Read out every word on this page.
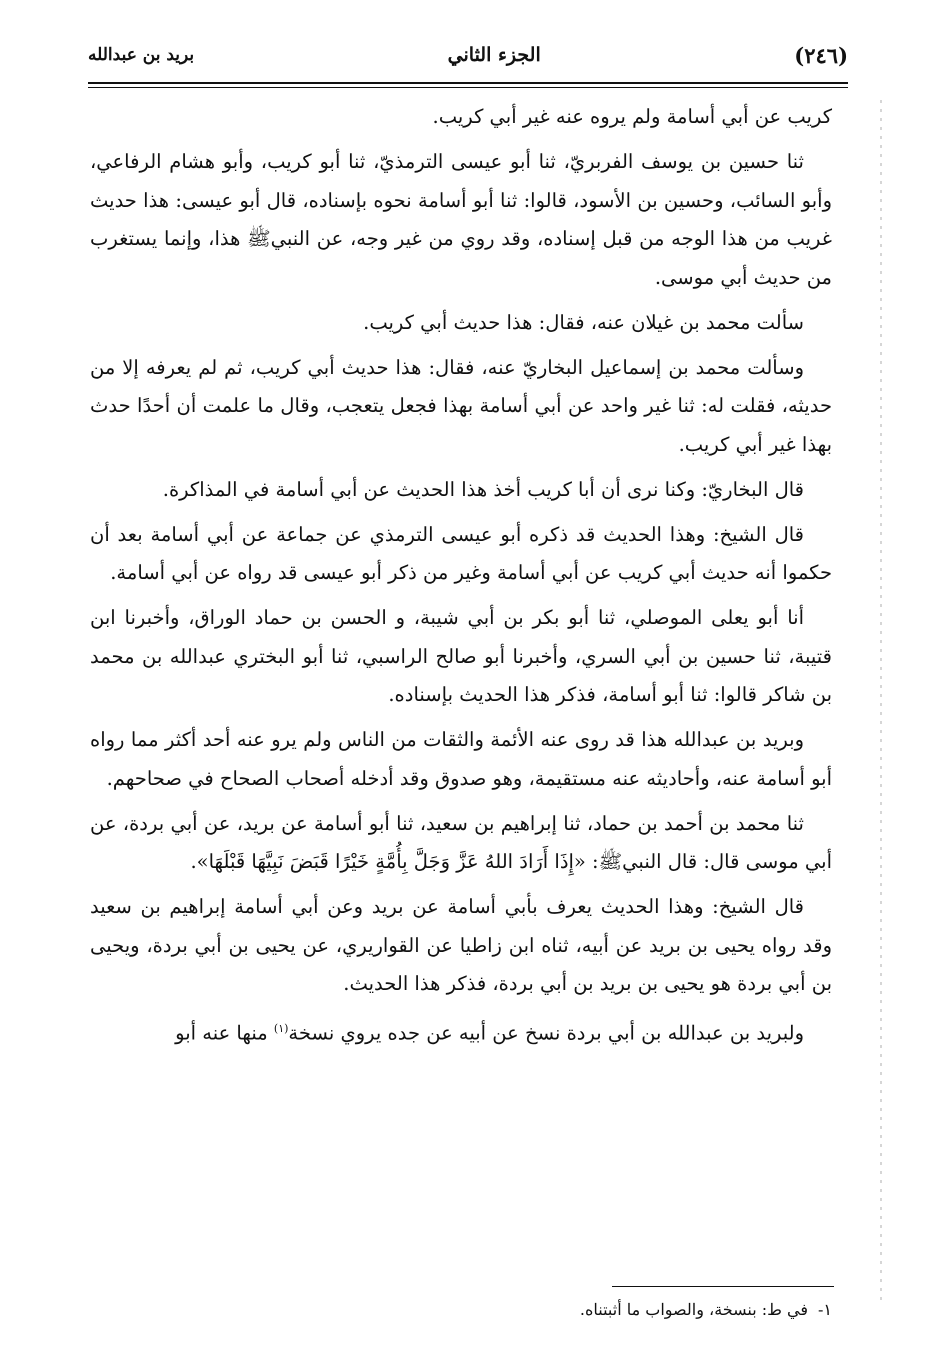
(٢٤٦)
الجزء الثاني
بريد بن عبدالله

كريب عن أبي أسامة ولم يروه عنه غير أبي كريب.

ثنا حسين بن يوسف الفربريّ، ثنا أبو عيسى الترمذيّ، ثنا أبو كريب، وأبو هشام الرفاعي، وأبو السائب، وحسين بن الأسود، قالوا: ثنا أبو أسامة نحوه بإسناده، قال أبو عيسى: هذا حديث غريب من هذا الوجه من قبل إسناده، وقد روي من غير وجه، عن النبيﷺ هذا، وإنما يستغرب من حديث أبي موسى.

سألت محمد بن غيلان عنه، فقال: هذا حديث أبي كريب.

وسألت محمد بن إسماعيل البخاريّ عنه، فقال: هذا حديث أبي كريب، ثم لم يعرفه إلا من حديثه، فقلت له: ثنا غير واحد عن أبي أسامة بهذا فجعل يتعجب، وقال ما علمت أن أحدًا حدث بهذا غير أبي كريب.

قال البخاريّ: وكنا نرى أن أبا كريب أخذ هذا الحديث عن أبي أسامة في المذاكرة.

قال الشيخ: وهذا الحديث قد ذكره أبو عيسى الترمذي عن جماعة عن أبي أسامة بعد أن حكموا أنه حديث أبي كريب عن أبي أسامة وغير من ذكر أبو عيسى قد رواه عن أبي أسامة.

أنا أبو يعلى الموصلي، ثنا أبو بكر بن أبي شيبة، و الحسن بن حماد الوراق، وأخبرنا ابن قتيبة، ثنا حسين بن أبي السري، وأخبرنا أبو صالح الراسبي، ثنا أبو البختري عبدالله بن محمد بن شاكر قالوا: ثنا أبو أسامة، فذكر هذا الحديث بإسناده.

وبريد بن عبدالله هذا قد روى عنه الأئمة والثقات من الناس ولم يرو عنه أحد أكثر مما رواه أبو أسامة عنه، وأحاديثه عنه مستقيمة، وهو صدوق وقد أدخله أصحاب الصحاح في صحاحهم.

ثنا محمد بن أحمد بن حماد، ثنا إبراهيم بن سعيد، ثنا أبو أسامة عن بريد، عن أبي بردة، عن أبي موسى قال: قال النبيﷺ: «إِذَا أَرَادَ اللهُ عَزَّ وَجَلَّ بِأُمَّةٍ خَيْرًا قَبَضَ نَبِيَّهَا قَبْلَهَا».

قال الشيخ: وهذا الحديث يعرف بأبي أسامة عن بريد وعن أبي أسامة إبراهيم بن سعيد وقد رواه يحيى بن بريد عن أبيه، ثناه ابن زاطيا عن القواريري، عن يحيى بن أبي بردة، ويحيى بن أبي بردة هو يحيى بن بريد بن أبي بردة، فذكر هذا الحديث.

ولبريد بن عبدالله بن أبي بردة نسخ عن أبيه عن جده يروي نسخة$^{(١)}$ منها عنه أبو

١-في ط: بنسخة، والصواب ما أثبتناه.
